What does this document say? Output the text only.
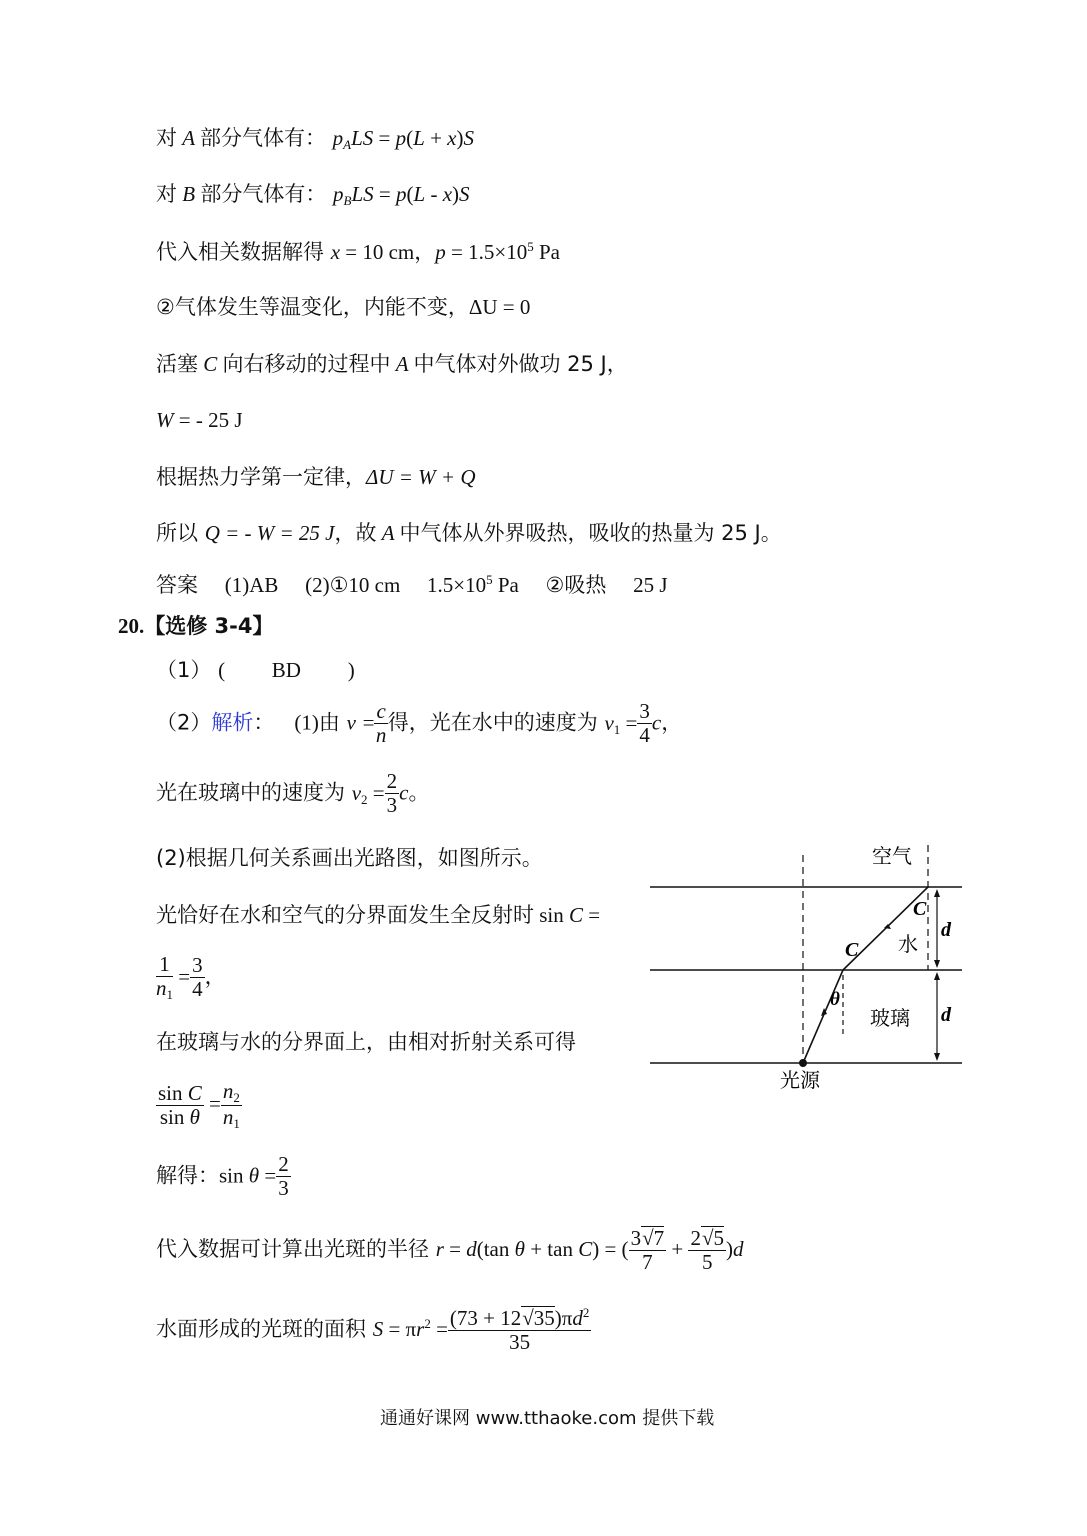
对 A 部分气体有： $p_ALS = p(L + x)S$
对 B 部分气体有： $p_BLS = p(L - x)S$
代入相关数据解得 x = 10 cm，$p = 1.5\times 10^5$ Pa
②气体发生等温变化，内能不变，ΔU = 0
活塞 C 向右移动的过程中 A 中气体对外做功 25 J，
W = - 25 J
根据热力学第一定律，ΔU = W + Q
所以 Q = - W = 25 J，故 A 中气体从外界吸热，吸收的热量为 25 J。
答案 (1)AB (2)①10 cm $1.5\times 10^5$ Pa ②吸热 25 J
20.【选修 3-4】
（1） ( BD )
（2）解析： (1)由 $v = \frac{c}{n}$ 得，光在水中的速度为 $v_1 = \frac{3}{4}$ c，
光在玻璃中的速度为 $v_2 = \frac{2}{3}$ c。
(2)根据几何关系画出光路图，如图所示。
光恰好在水和空气的分界面发生全反射时 sin C =
$\frac{1}{n_1} = \frac{3}{4}$ ，
在玻璃与水的分界面上，由相对折射关系可得
$\frac{\text{sin C}}{\text{sin θ}} = \frac{n_2}{n_1}$
解得：$\sin \theta = \frac{2}{3}$
代入数据可计算出光斑的半径 r = d(tan θ + tan C) = ( $\frac{3√7}{7} + \frac{2√5}{5} )d$
水面形成的光斑的面积 $S = \pi r^2 = \frac{(73 + 12√35)\pi d^2}{35}$
空气
水
玻璃
光源
C
C
θ
d
d
通通好课网 www.tthaoke.com 提供下载
